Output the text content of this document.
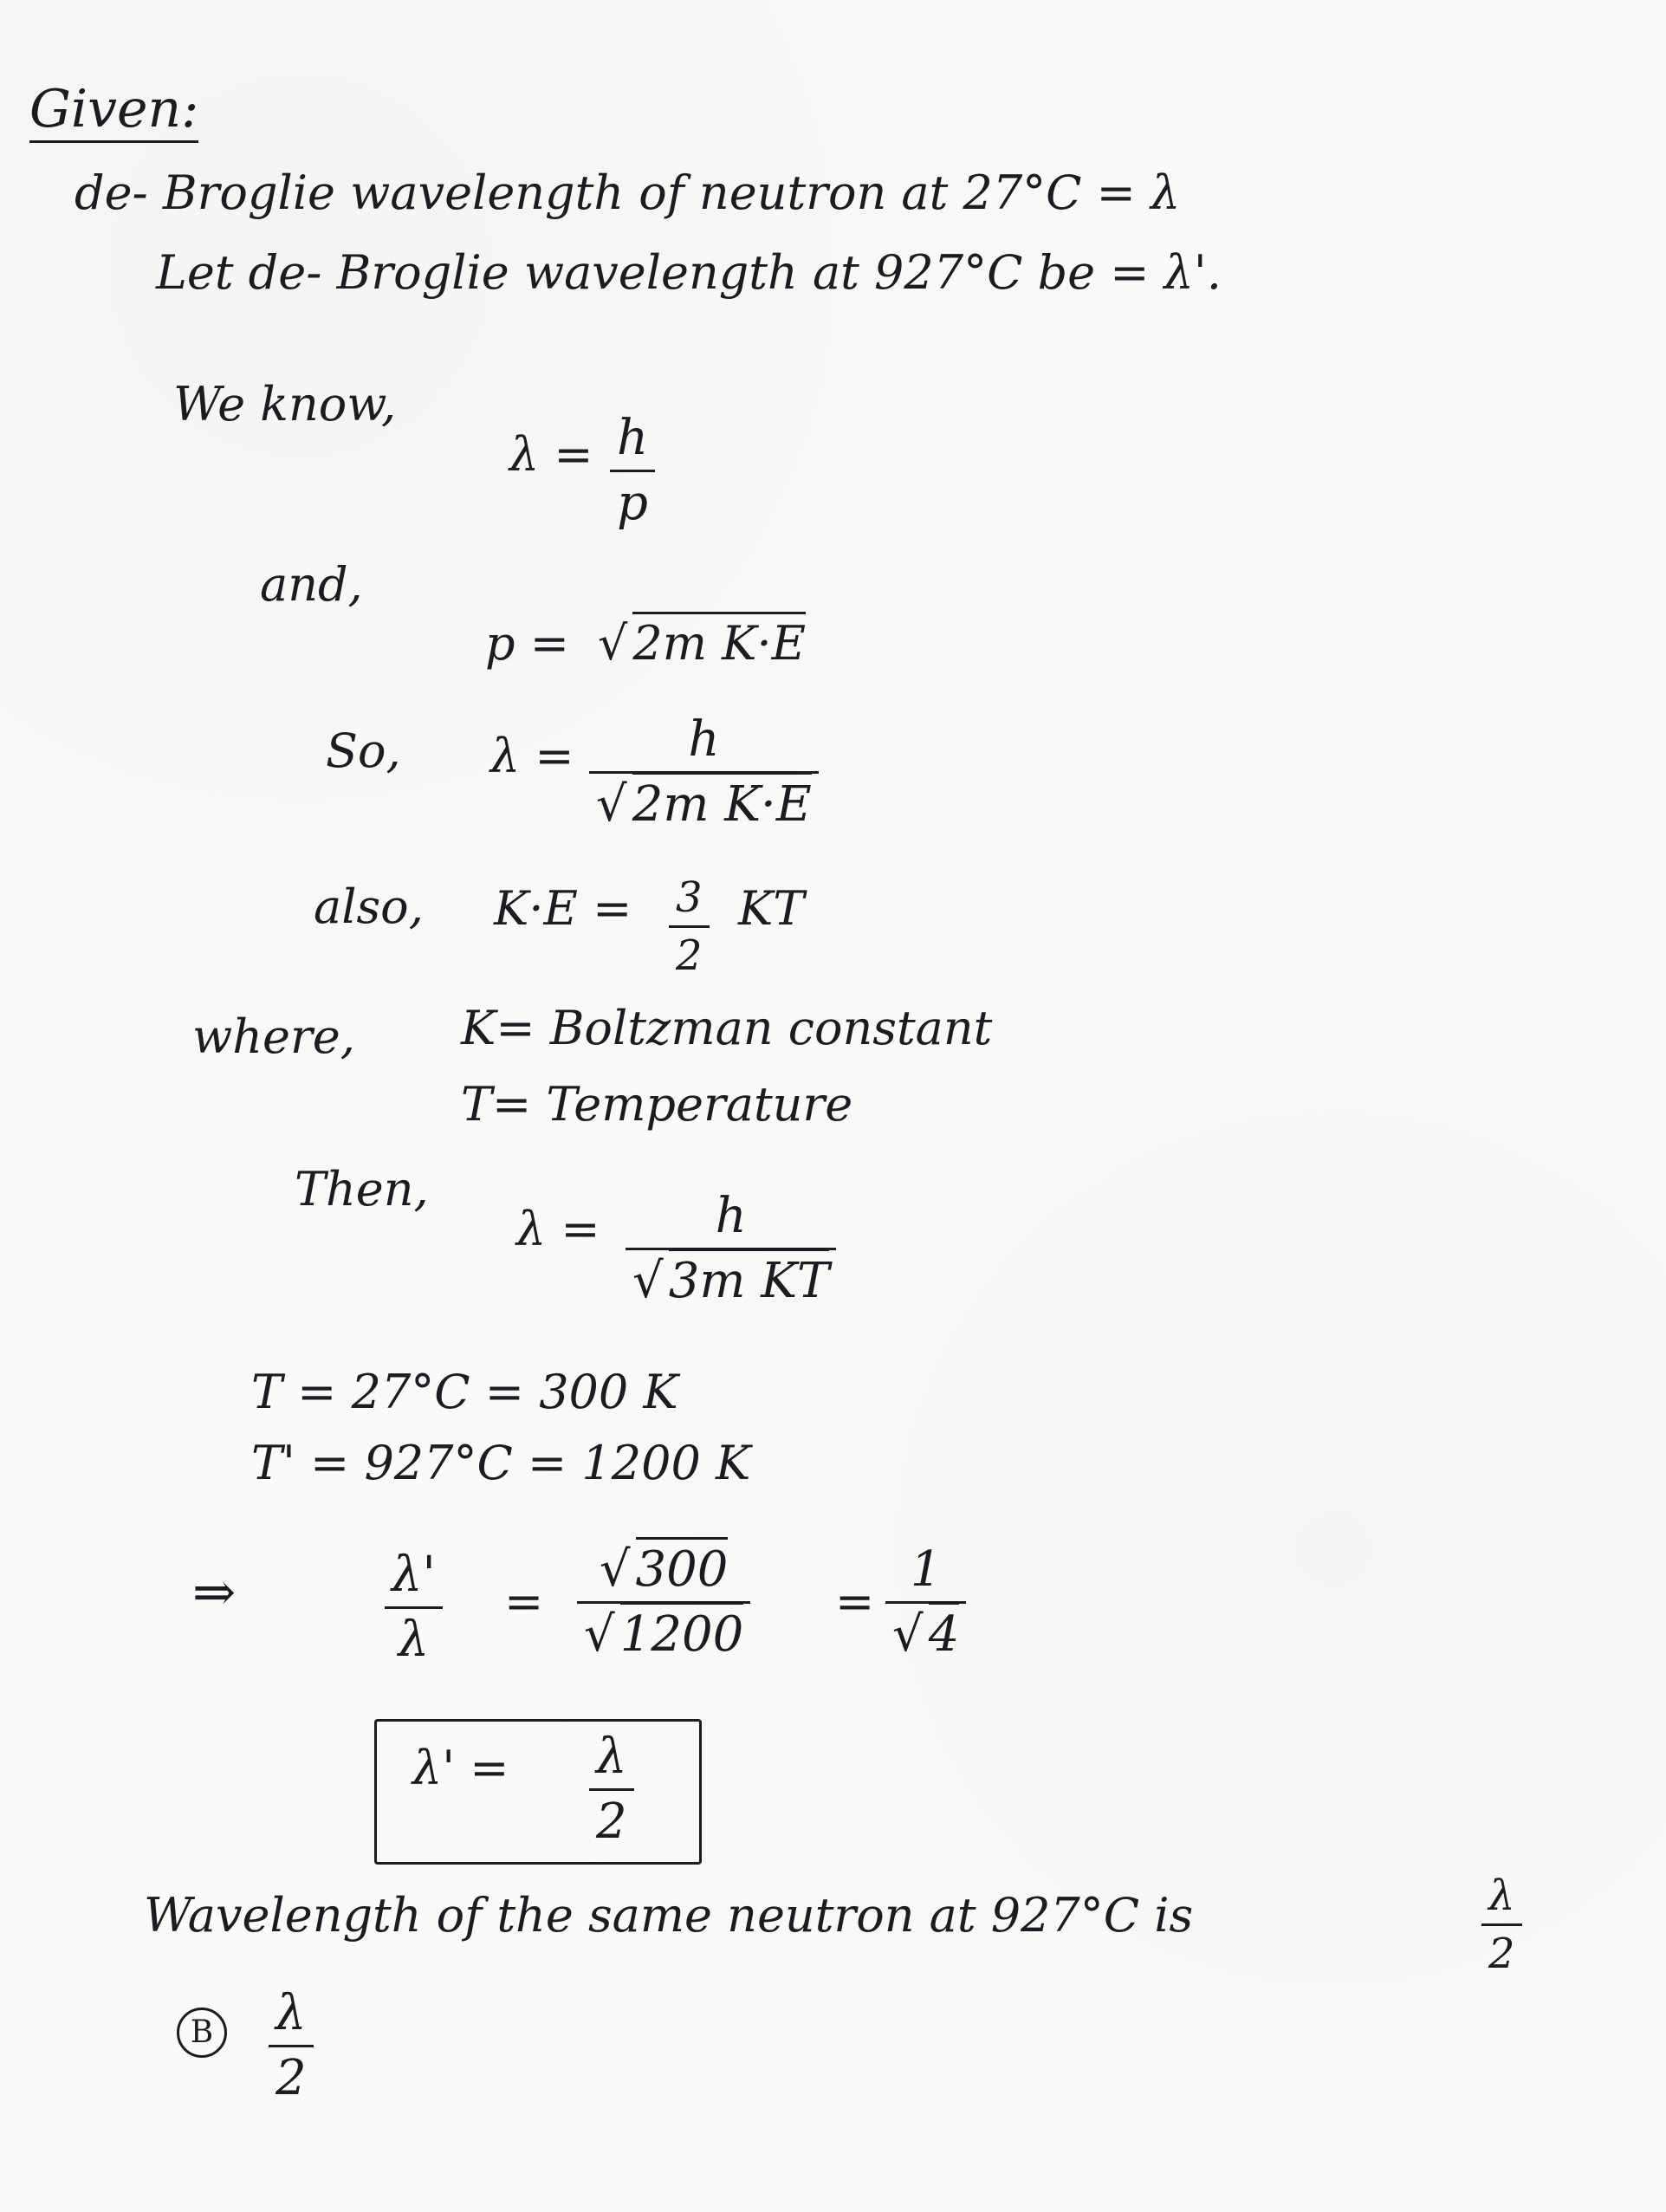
Given:
de- Broglie wavelength of neutron at 27°C = λ
Let de- Broglie wavelength at 927°C be = λ'.
We know,
λ = h
p
and,
p =
√	2m K·E
So, λ = h
√ 2m K·E
also, K·E = 3
2
KT
where, K= Boltzman constant
T= Temperature
Then,
λ = h
√ 3m KT
T = 27°C = 300 K
T' = 927°C = 1200 K
⇒	λ'
λ
=
√ 300
√ 1200
=
1
√ 4
λ' = λ
2
Wavelength of the same neutron at 927°C is	λ
2
B λ
2
